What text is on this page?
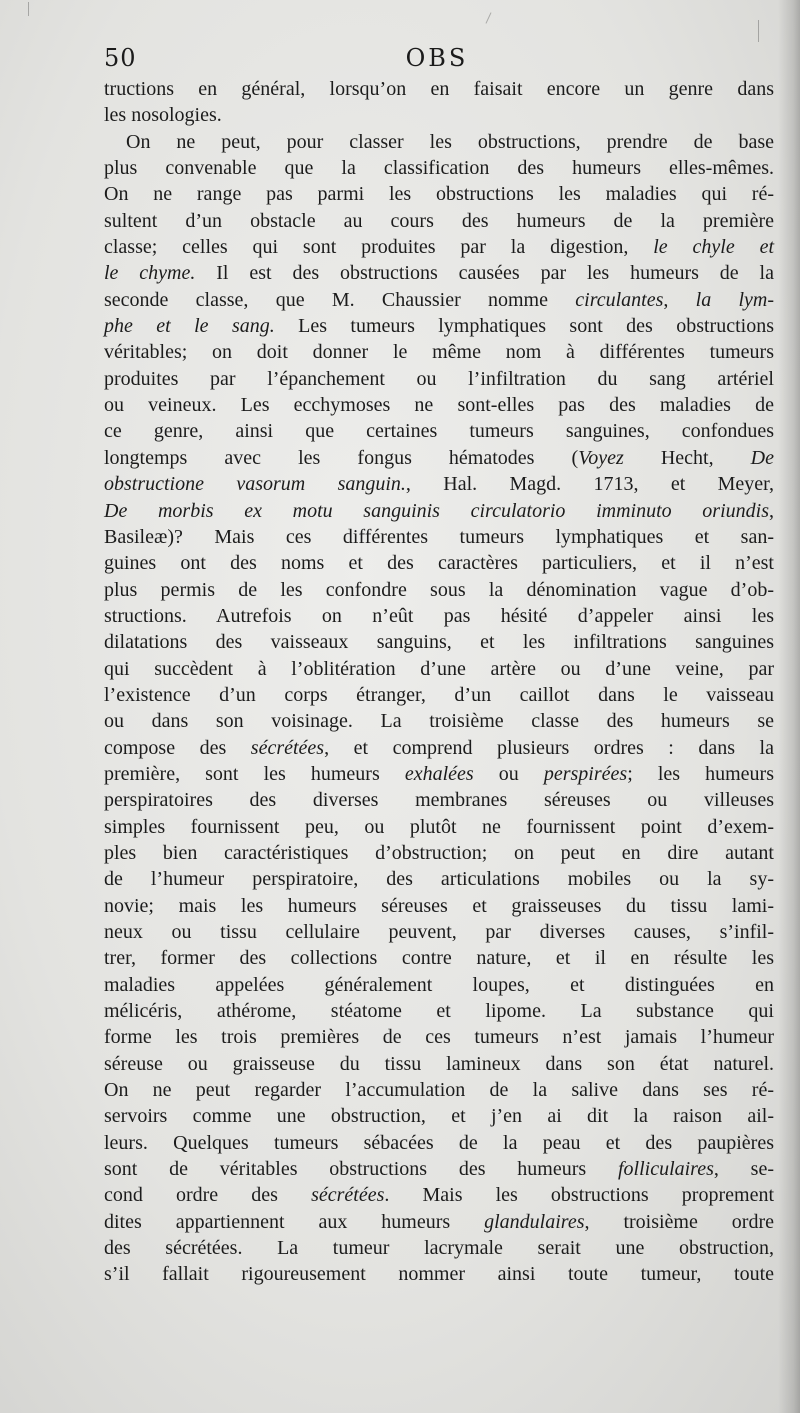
50	OBS
tructions en général, lorsqu’on en faisait encore un genre dans
les nosologies.
On ne peut, pour classer les obstructions, prendre de base
plus convenable que la classification des humeurs elles-mêmes.
On ne range pas parmi les obstructions les maladies qui ré-
sultent d’un obstacle au cours des humeurs de la première
classe; celles qui sont produites par la digestion, le chyle et
le chyme. Il est des obstructions causées par les humeurs de la
seconde classe, que M. Chaussier nomme circulantes, la lym-
phe et le sang. Les tumeurs lymphatiques sont des obstructions
véritables; on doit donner le même nom à différentes tumeurs
produites par l’épanchement ou l’infiltration du sang artériel
ou veineux. Les ecchymoses ne sont-elles pas des maladies de
ce genre, ainsi que certaines tumeurs sanguines, confondues
longtemps avec les fongus hématodes (Voyez Hecht, De
obstructione vasorum sanguin., Hal. Magd. 1713, et Meyer,
De morbis ex motu sanguinis circulatorio imminuto oriundis,
Basileæ)? Mais ces différentes tumeurs lymphatiques et san-
guines ont des noms et des caractères particuliers, et il n’est
plus permis de les confondre sous la dénomination vague d’ob-
structions. Autrefois on n’eût pas hésité d’appeler ainsi les
dilatations des vaisseaux sanguins, et les infiltrations sanguines
qui succèdent à l’oblitération d’une artère ou d’une veine, par
l’existence d’un corps étranger, d’un caillot dans le vaisseau
ou dans son voisinage. La troisième classe des humeurs se
compose des sécrétées, et comprend plusieurs ordres : dans la
première, sont les humeurs exhalées ou perspirées; les humeurs
perspiratoires des diverses membranes séreuses ou villeuses
simples fournissent peu, ou plutôt ne fournissent point d’exem-
ples bien caractéristiques d’obstruction; on peut en dire autant
de l’humeur perspiratoire, des articulations mobiles ou la sy-
novie; mais les humeurs séreuses et graisseuses du tissu lami-
neux ou tissu cellulaire peuvent, par diverses causes, s’infil-
trer, former des collections contre nature, et il en résulte les
maladies appelées généralement loupes, et distinguées en
mélicéris, athérome, stéatome et lipome. La substance qui
forme les trois premières de ces tumeurs n’est jamais l’humeur
séreuse ou graisseuse du tissu lamineux dans son état naturel.
On ne peut regarder l’accumulation de la salive dans ses ré-
servoirs comme une obstruction, et j’en ai dit la raison ail-
leurs. Quelques tumeurs sébacées de la peau et des paupières
sont de véritables obstructions des humeurs folliculaires, se-
cond ordre des sécrétées. Mais les obstructions proprement
dites appartiennent aux humeurs glandulaires, troisième ordre
des sécrétées. La tumeur lacrymale serait une obstruction,
s’il fallait rigoureusement nommer ainsi toute tumeur, toute
